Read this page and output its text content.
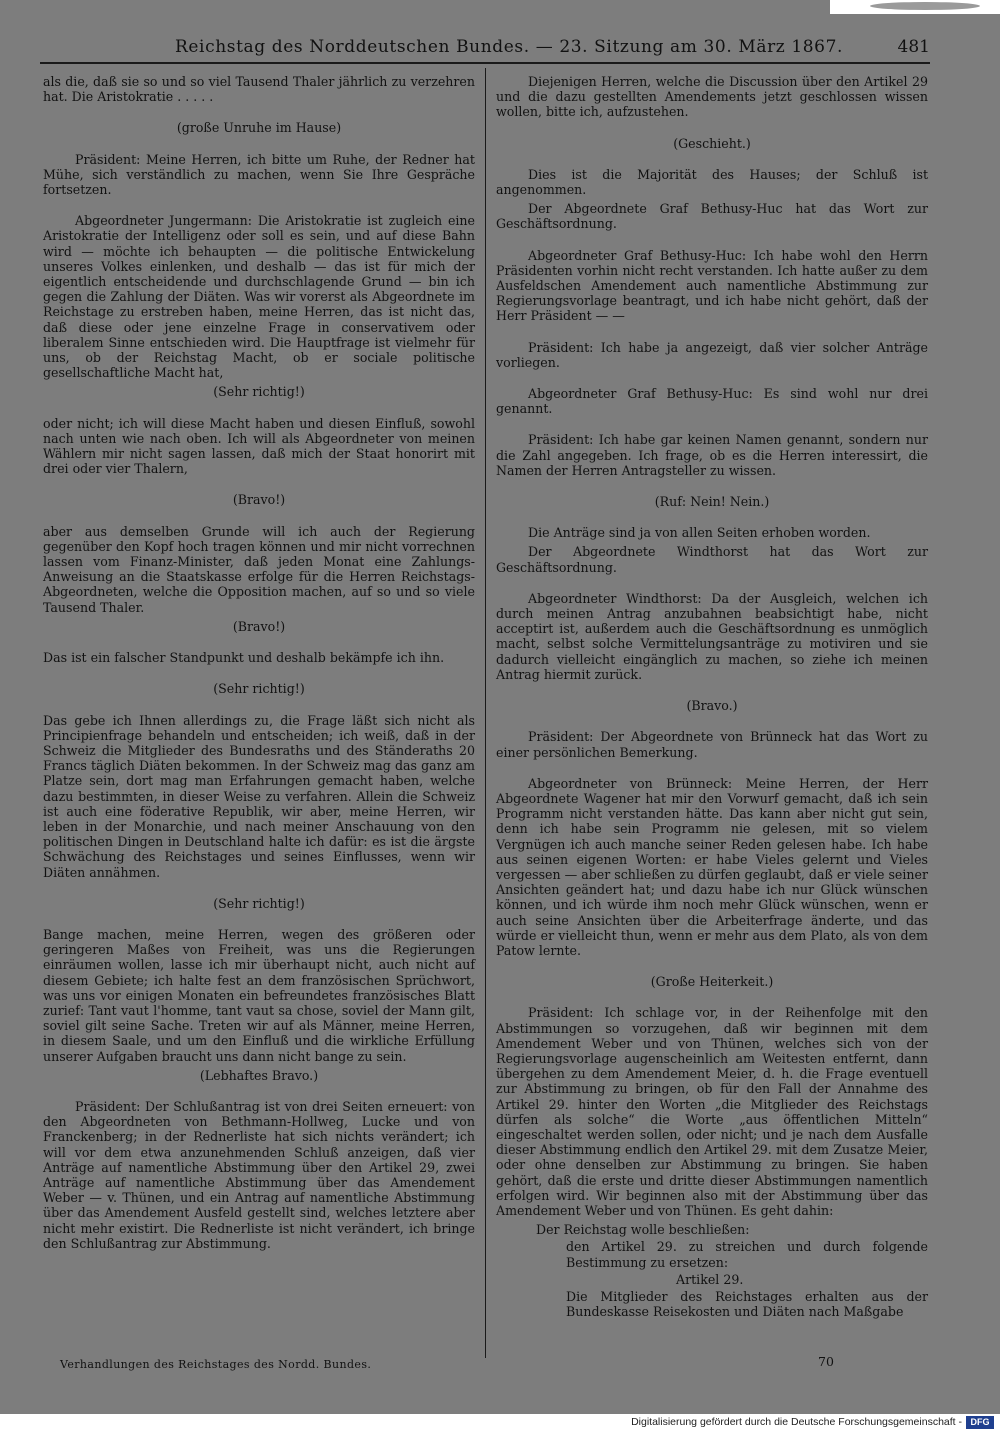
Reichstag des Norddeutschen Bundes. — 23. Sitzung am 30. März 1867.	481

als die, daß sie so und so viel Tausend Thaler jährlich zu verzehren hat. Die Aristokratie . . . . .

(große Unruhe im Hause)

Präsident: Meine Herren, ich bitte um Ruhe, der Redner hat Mühe, sich verständlich zu machen, wenn Sie Ihre Gespräche fortsetzen.

Abgeordneter Jungermann: Die Aristokratie ist zugleich eine Aristokratie der Intelligenz oder soll es sein, und auf diese Bahn wird — möchte ich behaupten — die politische Entwickelung unseres Volkes einlenken, und deshalb — das ist für mich der eigentlich entscheidende und durchschlagende Grund — bin ich gegen die Zahlung der Diäten. Was wir vorerst als Abgeordnete im Reichstage zu erstreben haben, meine Herren, das ist nicht das, daß diese oder jene einzelne Frage in conservativem oder liberalem Sinne entschieden wird. Die Hauptfrage ist vielmehr für uns, ob der Reichstag Macht, ob er sociale politische gesellschaftliche Macht hat,

(Sehr richtig!)

oder nicht; ich will diese Macht haben und diesen Einfluß, sowohl nach unten wie nach oben. Ich will als Abgeordneter von meinen Wählern mir nicht sagen lassen, daß mich der Staat honorirt mit drei oder vier Thalern,

(Bravo!)

aber aus demselben Grunde will ich auch der Regierung gegenüber den Kopf hoch tragen können und mir nicht vorrechnen lassen vom Finanz-Minister, daß jeden Monat eine Zahlungs-Anweisung an die Staatskasse erfolge für die Herren Reichstags-Abgeordneten, welche die Opposition machen, auf so und so viele Tausend Thaler.

(Bravo!)

Das ist ein falscher Standpunkt und deshalb bekämpfe ich ihn.

(Sehr richtig!)

Das gebe ich Ihnen allerdings zu, die Frage läßt sich nicht als Principienfrage behandeln und entscheiden; ich weiß, daß in der Schweiz die Mitglieder des Bundesraths und des Ständeraths 20 Francs täglich Diäten bekommen. In der Schweiz mag das ganz am Platze sein, dort mag man Erfahrungen gemacht haben, welche dazu bestimmten, in dieser Weise zu verfahren. Allein die Schweiz ist auch eine föderative Republik, wir aber, meine Herren, wir leben in der Monarchie, und nach meiner Anschauung von den politischen Dingen in Deutschland halte ich dafür: es ist die ärgste Schwächung des Reichstages und seines Einflusses, wenn wir Diäten annähmen.

(Sehr richtig!)

Bange machen, meine Herren, wegen des größeren oder geringeren Maßes von Freiheit, was uns die Regierungen einräumen wollen, lasse ich mir überhaupt nicht, auch nicht auf diesem Gebiete; ich halte fest an dem französischen Sprüchwort, was uns vor einigen Monaten ein befreundetes französisches Blatt zurief: Tant vaut l'homme, tant vaut sa chose, soviel der Mann gilt, soviel gilt seine Sache. Treten wir auf als Männer, meine Herren, in diesem Saale, und um den Einfluß und die wirkliche Erfüllung unserer Aufgaben braucht uns dann nicht bange zu sein.

(Lebhaftes Bravo.)

Präsident: Der Schlußantrag ist von drei Seiten erneuert: von den Abgeordneten von Bethmann-Hollweg, Lucke und von Franckenberg; in der Rednerliste hat sich nichts verändert; ich will vor dem etwa anzunehmenden Schluß anzeigen, daß vier Anträge auf namentliche Abstimmung über den Artikel 29, zwei Anträge auf namentliche Abstimmung über das Amendement Weber — v. Thünen, und ein Antrag auf namentliche Abstimmung über das Amendement Ausfeld gestellt sind, welches letztere aber nicht mehr existirt. Die Rednerliste ist nicht verändert, ich bringe den Schlußantrag zur Abstimmung.

Diejenigen Herren, welche die Discussion über den Artikel 29 und die dazu gestellten Amendements jetzt geschlossen wissen wollen, bitte ich, aufzustehen.

(Geschieht.)

Dies ist die Majorität des Hauses; der Schluß ist angenommen.

Der Abgeordnete Graf Bethusy-Huc hat das Wort zur Geschäftsordnung.

Abgeordneter Graf Bethusy-Huc: Ich habe wohl den Herrn Präsidenten vorhin nicht recht verstanden. Ich hatte außer zu dem Ausfeldschen Amendement auch namentliche Abstimmung zur Regierungsvorlage beantragt, und ich habe nicht gehört, daß der Herr Präsident — —

Präsident: Ich habe ja angezeigt, daß vier solcher Anträge vorliegen.

Abgeordneter Graf Bethusy-Huc: Es sind wohl nur drei genannt.

Präsident: Ich habe gar keinen Namen genannt, sondern nur die Zahl angegeben. Ich frage, ob es die Herren interessirt, die Namen der Herren Antragsteller zu wissen.

(Ruf: Nein! Nein.)

Die Anträge sind ja von allen Seiten erhoben worden.

Der Abgeordnete Windthorst hat das Wort zur Geschäftsordnung.

Abgeordneter Windthorst: Da der Ausgleich, welchen ich durch meinen Antrag anzubahnen beabsichtigt habe, nicht acceptirt ist, außerdem auch die Geschäftsordnung es unmöglich macht, selbst solche Vermittelungsanträge zu motiviren und sie dadurch vielleicht eingänglich zu machen, so ziehe ich meinen Antrag hiermit zurück.

(Bravo.)

Präsident: Der Abgeordnete von Brünneck hat das Wort zu einer persönlichen Bemerkung.

Abgeordneter von Brünneck: Meine Herren, der Herr Abgeordnete Wagener hat mir den Vorwurf gemacht, daß ich sein Programm nicht verstanden hätte. Das kann aber nicht gut sein, denn ich habe sein Programm nie gelesen, mit so vielem Vergnügen ich auch manche seiner Reden gelesen habe. Ich habe aus seinen eigenen Worten: er habe Vieles gelernt und Vieles vergessen — aber schließen zu dürfen geglaubt, daß er viele seiner Ansichten geändert hat; und dazu habe ich nur Glück wünschen können, und ich würde ihm noch mehr Glück wünschen, wenn er auch seine Ansichten über die Arbeiterfrage änderte, und das würde er vielleicht thun, wenn er mehr aus dem Plato, als von dem Patow lernte.

(Große Heiterkeit.)

Präsident: Ich schlage vor, in der Reihenfolge mit den Abstimmungen so vorzugehen, daß wir beginnen mit dem Amendement Weber und von Thünen, welches sich von der Regierungsvorlage augenscheinlich am Weitesten entfernt, dann übergehen zu dem Amendement Meier, d. h. die Frage eventuell zur Abstimmung zu bringen, ob für den Fall der Annahme des Artikel 29. hinter den Worten „die Mitglieder des Reichstags dürfen als solche“ die Worte „aus öffentlichen Mitteln“ eingeschaltet werden sollen, oder nicht; und je nach dem Ausfalle dieser Abstimmung endlich den Artikel 29. mit dem Zusatze Meier, oder ohne denselben zur Abstimmung zu bringen. Sie haben gehört, daß die erste und dritte dieser Abstimmungen namentlich erfolgen wird. Wir beginnen also mit der Abstimmung über das Amendement Weber und von Thünen. Es geht dahin:

Der Reichstag wolle beschließen:

den Artikel 29. zu streichen und durch folgende Bestimmung zu ersetzen:

Artikel 29.

Die Mitglieder des Reichstages erhalten aus der Bundeskasse Reisekosten und Diäten nach Maßgabe

Verhandlungen des Reichstages des Nordd. Bundes.	70
Digitalisierung gefördert durch die Deutsche Forschungsgemeinschaft - DFG
